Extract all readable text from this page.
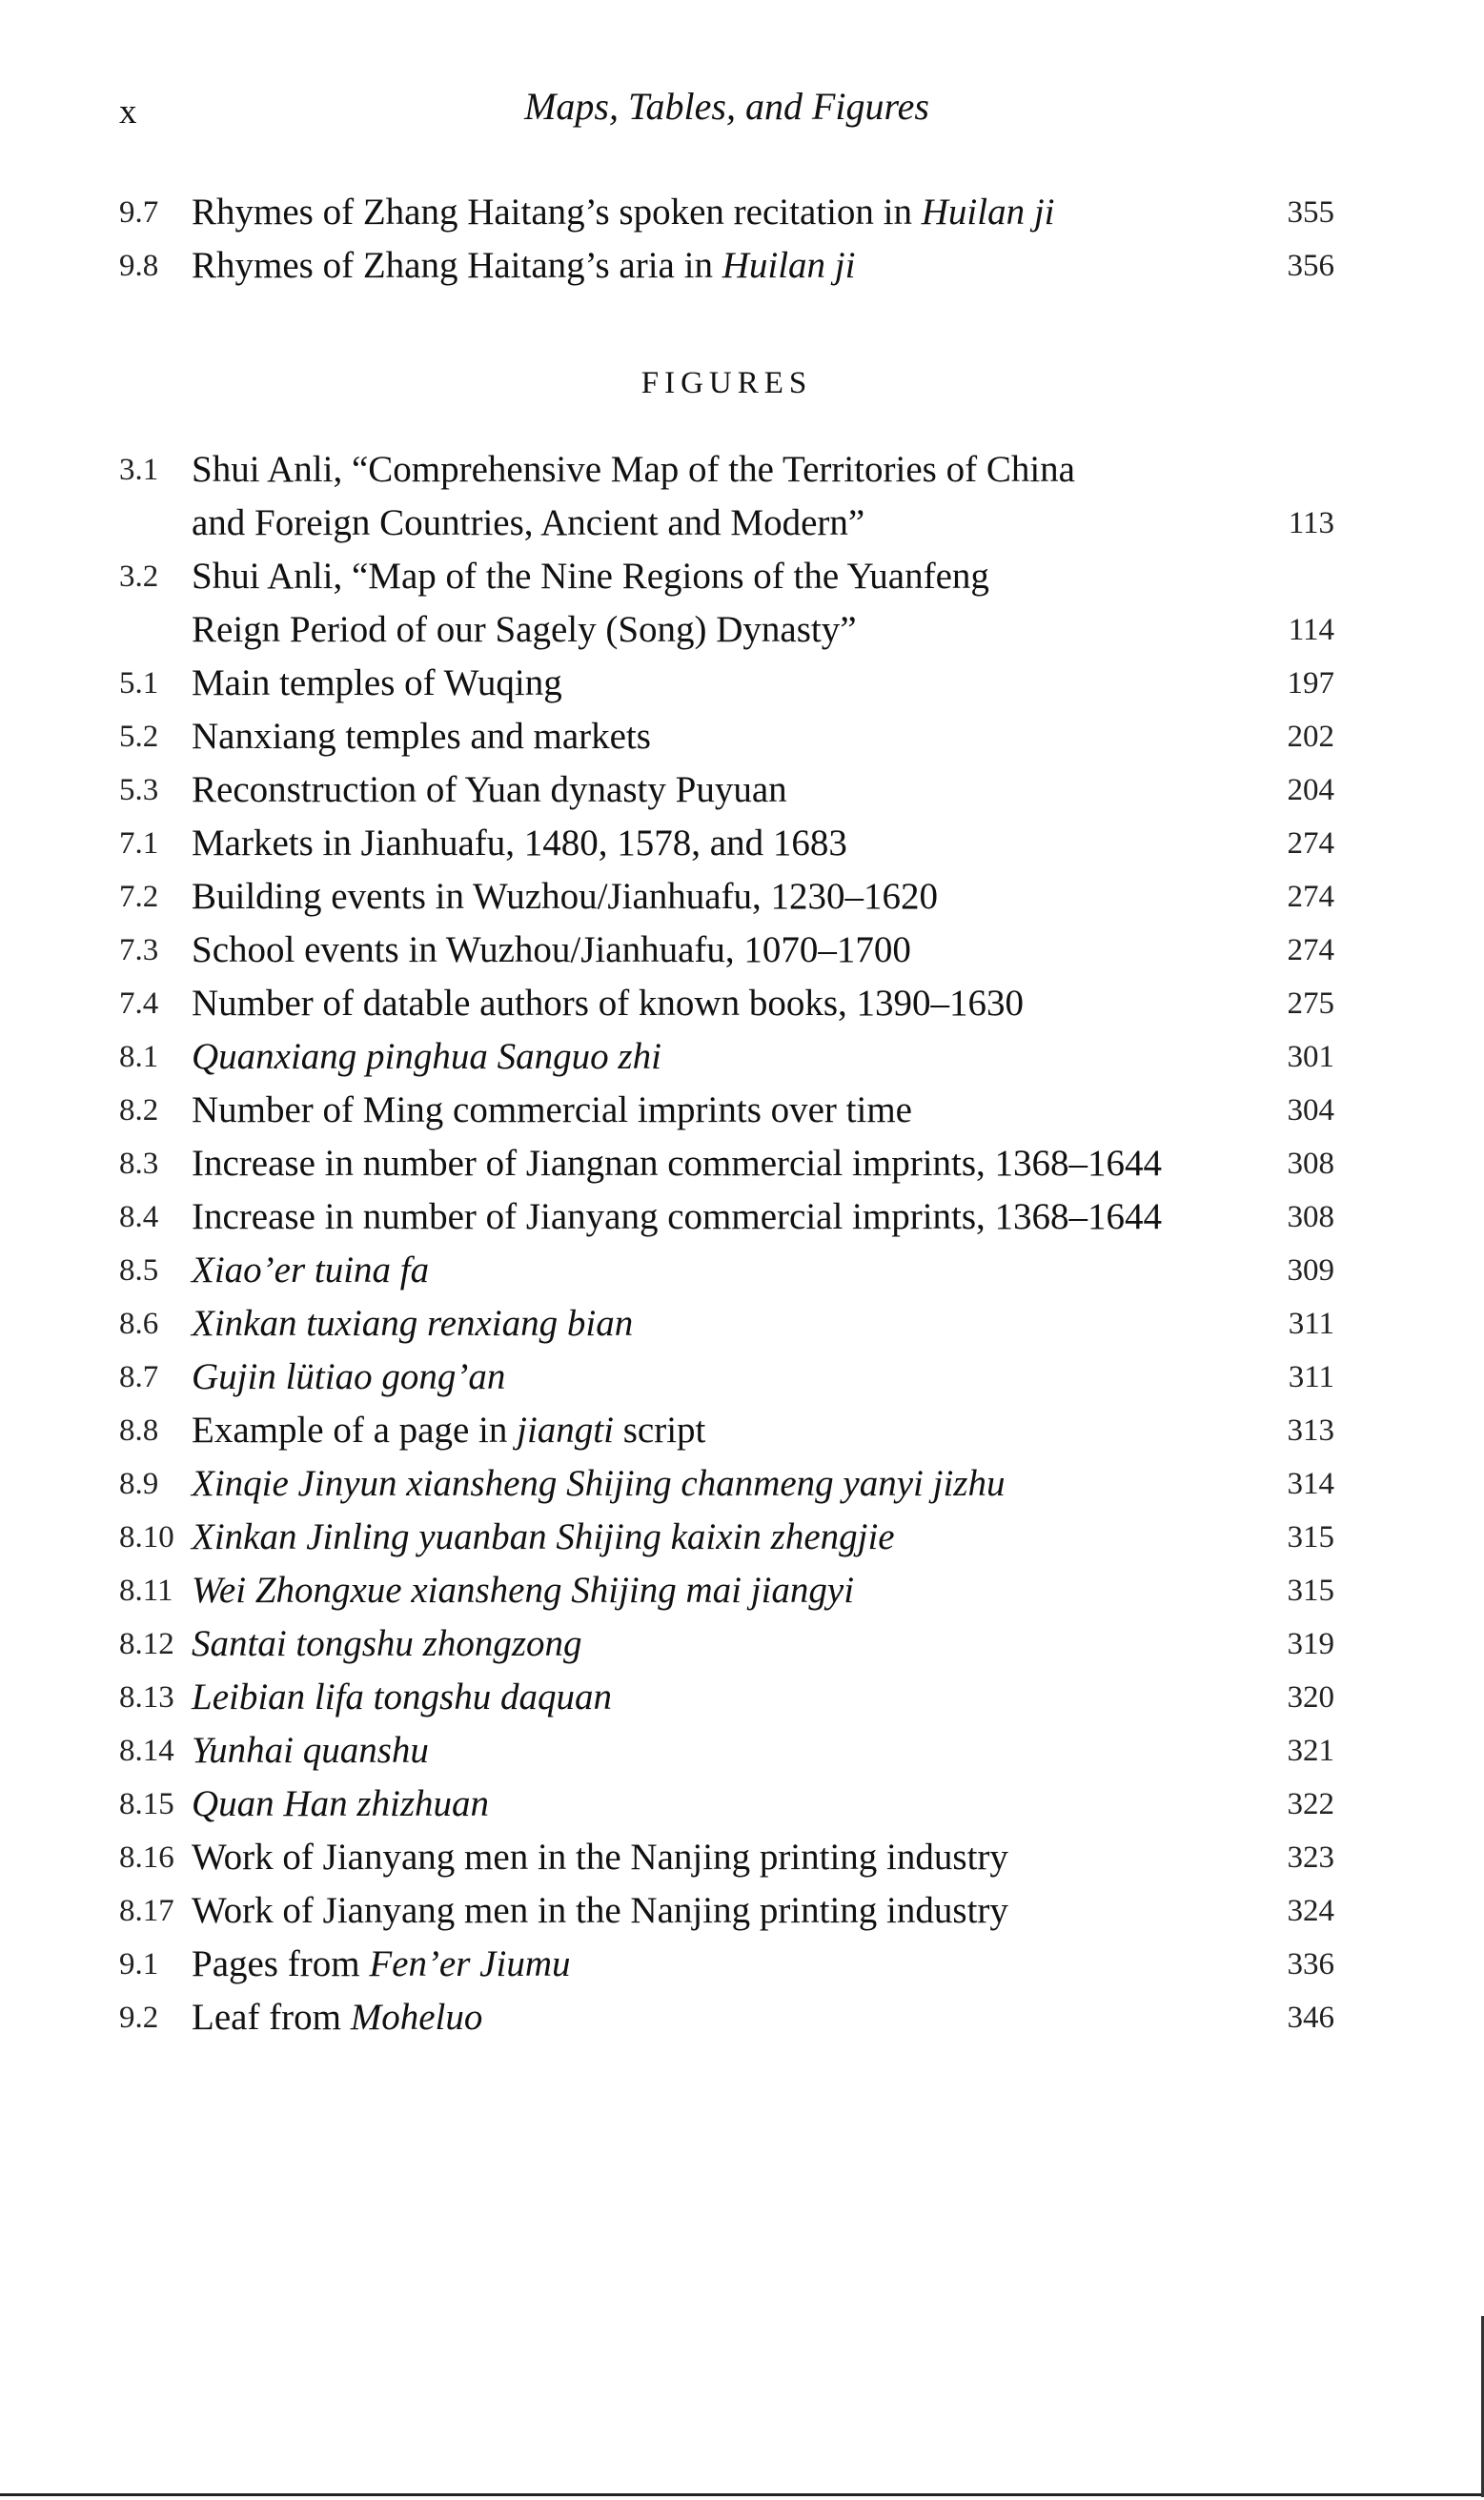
x	Maps, Tables, and Figures
9.7 Rhymes of Zhang Haitang’s spoken recitation in Huilan ji	355
9.8 Rhymes of Zhang Haitang’s aria in Huilan ji	356
FIGURES
3.1 Shui Anli, “Comprehensive Map of the Territories of China
and Foreign Countries, Ancient and Modern”	113
3.2 Shui Anli, “Map of the Nine Regions of the Yuanfeng
Reign Period of our Sagely (Song) Dynasty”	114
5.1 Main temples of Wuqing	197
5.2 Nanxiang temples and markets	202
5.3 Reconstruction of Yuan dynasty Puyuan	204
7.1 Markets in Jianhuafu, 1480, 1578, and 1683	274
7.2 Building events in Wuzhou/Jianhuafu, 1230–1620	274
7.3 School events in Wuzhou/Jianhuafu, 1070–1700	274
7.4 Number of datable authors of known books, 1390–1630	275
8.1 Quanxiang pinghua Sanguo zhi	301
8.2 Number of Ming commercial imprints over time	304
8.3 Increase in number of Jiangnan commercial imprints, 1368–1644	308
8.4 Increase in number of Jianyang commercial imprints, 1368–1644	308
8.5 Xiao’er tuina fa	309
8.6 Xinkan tuxiang renxiang bian	311
8.7 Gujin lütiao gong’an	311
8.8 Example of a page in jiangti script	313
8.9 Xinqie Jinyun xiansheng Shijing chanmeng yanyi jizhu	314
8.10 Xinkan Jinling yuanban Shijing kaixin zhengjie	315
8.11 Wei Zhongxue xiansheng Shijing mai jiangyi	315
8.12 Santai tongshu zhongzong	319
8.13 Leibian lifa tongshu daquan	320
8.14 Yunhai quanshu	321
8.15 Quan Han zhizhuan	322
8.16 Work of Jianyang men in the Nanjing printing industry	323
8.17 Work of Jianyang men in the Nanjing printing industry	324
9.1 Pages from Fen’er Jiumu	336
9.2 Leaf from Moheluo	346
